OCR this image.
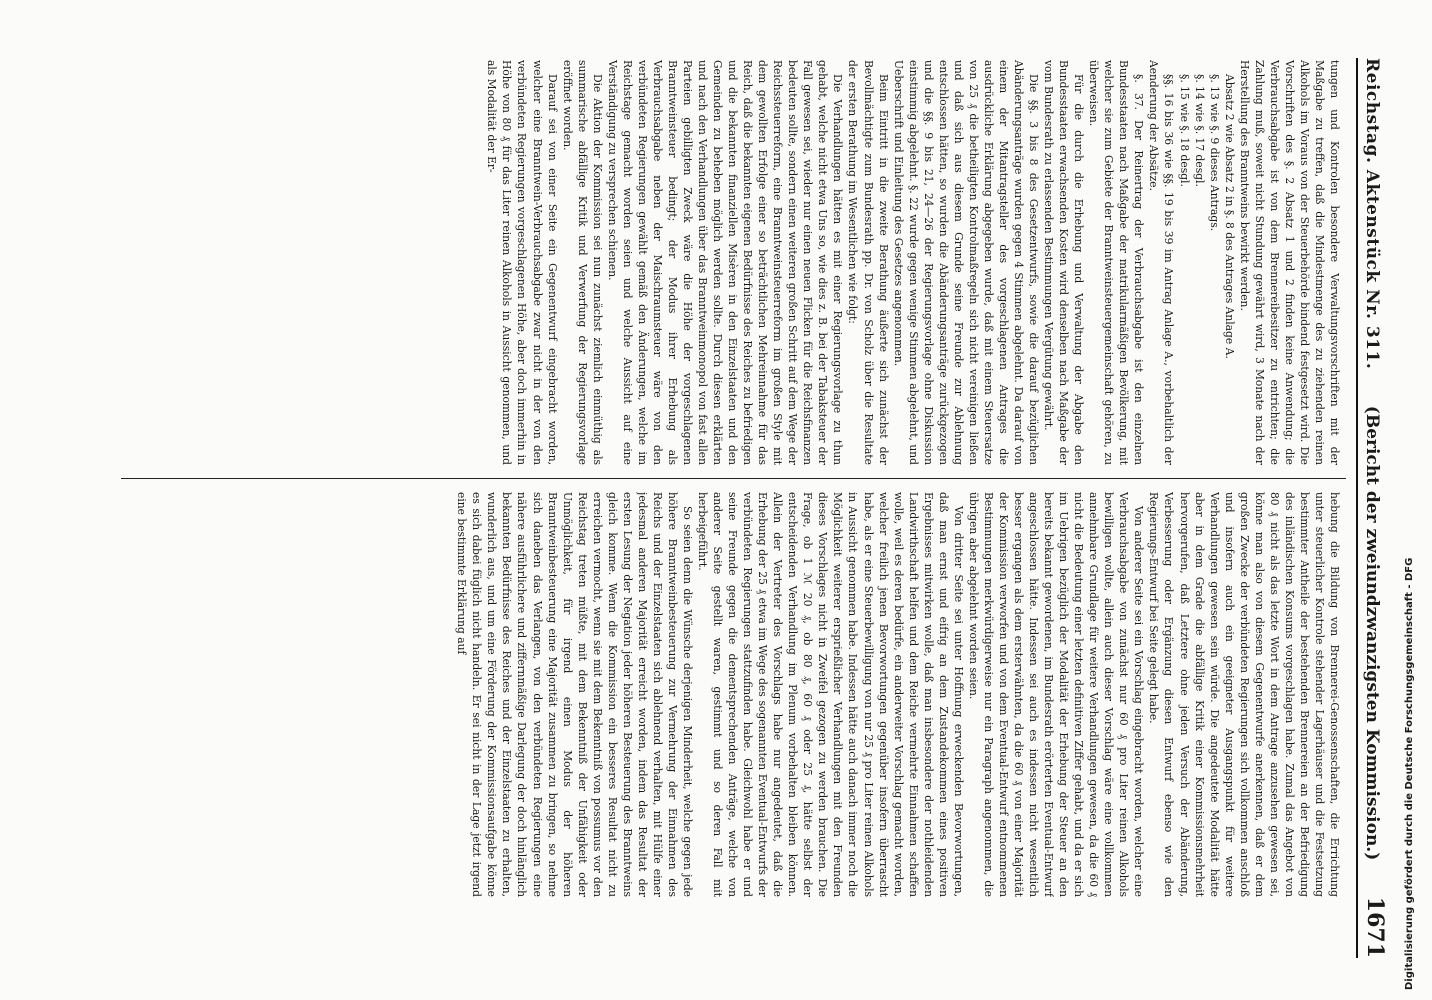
Reichstag. Aktenstück Nr. 311.
(Bericht der zweiundzwanzigsten Kommission.)
1671

tungen und Kontrolen besondere Verwaltungsvorschriften mit der Maßgabe zu treffen, daß die Mindestmenge des zu ziehenden reinen Alkohols im Voraus von der Steuerbehörde bindend festgesetzt wird. Die Vorschriften des §. 2 Absatz 1 und 2 finden keine Anwendung; die Verbrauchsabgabe ist von dem Brennereibesitzer zu entrichten; die Zahlung muß, soweit nicht Stundung gewährt wird, 3 Monate nach der Herstellung des Branntweins bewirkt werden.

Absatz 2 wie Absatz 2 in §. 8 des Antrages Anlage A.

§. 13 wie §. 9 dieses Antrags.

§. 14 wie §. 17 desgl.

§. 15 wie §. 18 desgl.

§§. 16 bis 36 wie §§. 19 bis 39 im Antrag Anlage A., vorbehaltlich der Aenderung der Absätze.

§. 37. Der Reinertrag der Verbrauchsabgabe ist den einzelnen Bundesstaaten nach Maßgabe der matrikularmäßigen Bevölkerung, mit welcher sie zum Gebiete der Branntweinsteuergemeinschaft gehören, zu überweisen.

Für die durch die Erhebung und Verwaltung der Abgabe den Bundesstaaten erwachsenden Kosten wird denselben nach Maßgabe der vom Bundesrath zu erlassenden Bestimmungen Vergütung gewährt.

Die §§. 3 bis 8 des Gesetzentwurfs, sowie die darauf bezüglichen Abänderungsanträge wurden gegen 4 Stimmen abgelehnt. Da darauf von einem der Mitantragsteller des vorgeschlagenen Antrages die ausdrückliche Erklärung abgegeben wurde, daß mit einem Steuersatze von 25 ₰ die betheiligten Kontrolmaßregeln sich nicht vereinigen ließen und daß sich aus diesem Grunde seine Freunde zur Ablehnung entschlossen hätten, so wurden die Abänderungsanträge zurückgezogen und die §§. 9 bis 21, 24—26 der Regierungsvorlage ohne Diskussion einstimmig abgelehnt. §. 22 wurde gegen wenige Stimmen abgelehnt, und Ueberschrift und Einleitung des Gesetzes angenommen.

Beim Eintritt in die zweite Berathung äußerte sich zunächst der Bevollmächtigte zum Bundesrath pp. Dr. von Scholz über die Resultate der ersten Berathung im Wesentlichen wie folgt:

Die Verhandlungen hätten es mit einer Regierungsvorlage zu thun gehabt, welche nicht etwa Uns so, wie dies z. B. bei der Tabaksteuer der Fall gewesen sei, wieder nur einen neuen Flicken für die Reichsfinanzen bedeuten sollte, sondern einen weiteren großen Schritt auf dem Wege der Reichssteuerreform, eine Branntweinsteuerreform im großen Style mit dem gewollten Erfolge einer so beträchtlichen Mehreinnahme für das Reich, daß die bekannten eigenen Bedürfnisse des Reiches zu befriedigen und die bekannten finanziellen Misèren in den Einzelstaaten und den Gemeinden zu beheben möglich werden sollte. Durch diesen erklärten und nach den Verhandlungen über das Branntweinmonopol von fast allen Parteien gebilligten Zweck wäre die Höhe der vorgeschlagenen Branntweinsteuer bedingt; der Modus ihrer Erhebung als Verbrauchsabgabe neben der Maischraumsteuer wäre von den verbündeten Regierungen gewählt gemäß den Änderungen, welche im Reichstage gemacht worden seien und welche Aussicht auf eine Verständigung zu versprechen schienen.

Die Aktion der Kommission sei nun zunächst ziemlich einmüthig als summarische abfällige Kritik und Verwerfung der Regierungsvorlage eröffnet worden.

Darauf sei von einer Seite ein Gegenentwurf eingebracht worden, welcher eine Branntwein-Verbrauchsabgabe zwar nicht in der von den verbündeten Regierungen vorgeschlagenen Höhe, aber doch immerhin in Höhe von 80 ₰ für das Liter reinen Alkohols in Aussicht genommen, und als Modalität der Er-

hebung die Bildung von Brennerei-Genossenschaften, die Errichtung unter steuerlicher Kontrole stehender Lagerhäuser und die Festsetzung bestimmter Antheile der bestehenden Brennereien an der Befriedigung des inländischen Konsums vorgeschlagen habe. Zumal das Angebot von 80 ₰ nicht als das letzte Wort in dem Antrage anzusehen gewesen sei, könne man also von diesem Gegenentwurfe anerkennen, daß er dem großen Zwecke der verbündeten Regierungen sich vollkommen anschloß und insofern auch ein geeigneter Ausgangspunkt für weitere Verhandlungen gewesen sein würde. Die angedeutete Modalität hätte aber in dem Grade die abfällige Kritik einer Kommissionsmehrheit hervorgerufen, daß Letztere ohne jeden Versuch der Abänderung, Verbesserung oder Ergänzung diesen Entwurf ebenso wie den Regierungs-Entwurf bei Seite gelegt habe.

Von anderer Seite sei ein Vorschlag eingebracht worden, welcher eine Verbrauchsabgabe von zunächst nur 60 ₰ pro Liter reinen Alkohols bewilligen wollte, allein auch dieser Vorschlag wäre eine vollkommen annehmbare Grundlage für weitere Verhandlungen gewesen, da die 60 ₰ nicht die Bedeutung einer letzten definitiven Ziffer gehabt, und da er sich im Uebrigen bezüglich der Modalität der Erhebung der Steuer an den bereits bekannt gewordenen, im Bundesrath erörterten Eventual-Entwurf angeschlossen hätte. Indessen sei auch es indessen nicht wesentlich besser ergangen als dem ersterwähnten, da die 60 ₰ von einer Majorität der Kommission verworfen und von dem Eventual-Entwurf entnommenen Bestimmungen merkwürdigerweise nur ein Paragraph angenommen, die übrigen aber abgelehnt worden seien.

Von dritter Seite sei unter Hoffnung erweckenden Bevorwortungen, daß man ernst und eifrig an dem Zustandekommen eines positiven Ergebnisses mitwirken wolle, daß man insbesondere der nothleidenden Landwirthschaft helfen und dem Reiche vermehrte Einnahmen schaffen wolle, weil es deren bedürfe, ein anderweiter Vorschlag gemacht worden, welcher freilich jenen Bevorwortungen gegenüber insofern überrascht habe, als er eine Steuerbewilligung von nur 25 ₰ pro Liter reinen Alkohols in Aussicht genommen habe. Indessen hätte auch danach immer noch die Möglichkeit weiterer ersprießlicher Verhandlungen mit den Freunden dieses Vorschlages nicht in Zweifel gezogen zu werden brauchen. Die Frage, ob 1 ℳ 20 ₰, ob 80 ₰, 60 ₰ oder 25 ₰, hätte selbst der entscheidenden Verhandlung im Plenum vorbehalten bleiben können. Allein der Vertreter des Vorschlags habe nur angedeutet, daß die Erhebung der 25 ₰ etwa im Wege des sogenannten Eventual-Entwurfs der verbündeten Regierungen stattzufinden habe. Gleichwohl habe er und seine Freunde gegen die dementsprechenden Anträge, welche von anderer Seite gestellt waren, gestimmt und so deren Fall mit herbeigeführt.

So seien denn die Wünsche derjenigen Minderheit, welche gegen jede höhere Branntweinbesteuerung zur Vermehrung der Einnahmen des Reichs und der Einzelstaaten sich ablehnend verhalten, mit Hülfe einer jedesmal anderen Majorität erreicht worden, indem das Resultat der ersten Lesung der Negation jeder höheren Besteuerung des Branntweins gleich komme. Wenn die Kommission ein besseres Resultat nicht zu erreichen vermocht, wenn sie mit dem Bekenntniß von possumus vor den Reichstag treten müßte, mit dem Bekenntniß der Unfähigkeit oder Unmöglichkeit, für irgend einen Modus der höheren Branntweinbesteuerung eine Majorität zusammen zu bringen, so nehme sich daneben das Verlangen, von den verbündeten Regierungen eine nähere ausführlichere und ziffernmäßige Darlegung der doch hinlänglich bekannten Bedürfnisse des Reiches und der Einzelstaaten zu erhalten, wunderlich aus, und um eine Förderung der Kommissionsaufgabe könne es sich dabei füglich nicht handeln. Er sei nicht in der Lage jetzt irgend eine bestimmte Erklärung auf	Digitalisierung gefördert durch die Deutsche Forschungsgemeinschaft - DFG
